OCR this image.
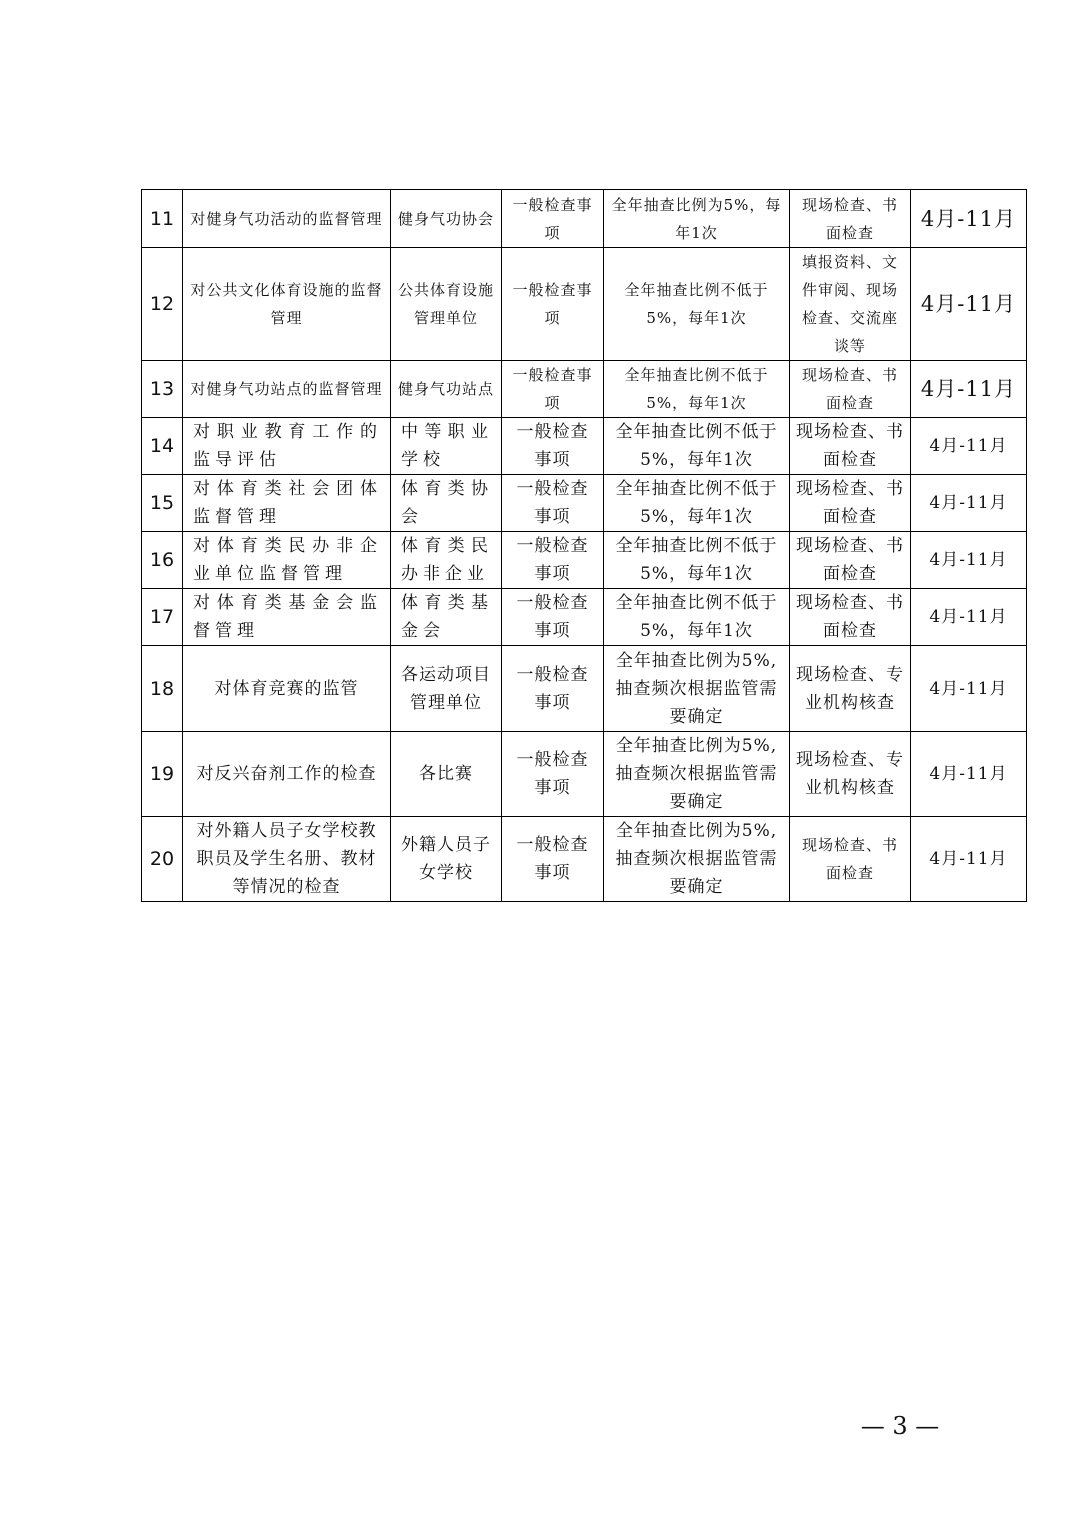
11	对健身气功活动的监督管理	健身气功协会	一般检查事项	全年抽查比例为5%，每年1次	现场检查、书面检查	4月-11月
12	对公共文化体育设施的监督管理	公共体育设施管理单位	一般检查事项	全年抽查比例不低于5%，每年1次	填报资料、文件审阅、现场检查、交流座谈等	4月-11月
13	对健身气功站点的监督管理	健身气功站点	一般检查事项	全年抽查比例不低于5%，每年1次	现场检查、书面检查	4月-11月
14	对职业教育工作的监导评估	中等职业学校	一般检查事项	全年抽查比例不低于5%，每年1次	现场检查、书面检查	4月-11月
15	对体育类社会团体监督管理	体育类协会	一般检查事项	全年抽查比例不低于5%，每年1次	现场检查、书面检查	4月-11月
16	对体育类民办非企业单位监督管理	体育类民办非企业	一般检查事项	全年抽查比例不低于5%，每年1次	现场检查、书面检查	4月-11月
17	对体育类基金会监督管理	体育类基金会	一般检查事项	全年抽查比例不低于5%，每年1次	现场检查、书面检查	4月-11月
18	对体育竞赛的监管	各运动项目管理单位	一般检查事项	全年抽查比例为5%,抽查频次根据监管需要确定	现场检查、专业机构核查	4月-11月
19	对反兴奋剂工作的检查	各比赛	一般检查事项	全年抽查比例为5%,抽查频次根据监管需要确定	现场检查、专业机构核查	4月-11月
20	对外籍人员子女学校教职员及学生名册、教材等情况的检查	外籍人员子女学校	一般检查事项	全年抽查比例为5%,抽查频次根据监管需要确定	现场检查、书面检查	4月-11月
— 3 —
